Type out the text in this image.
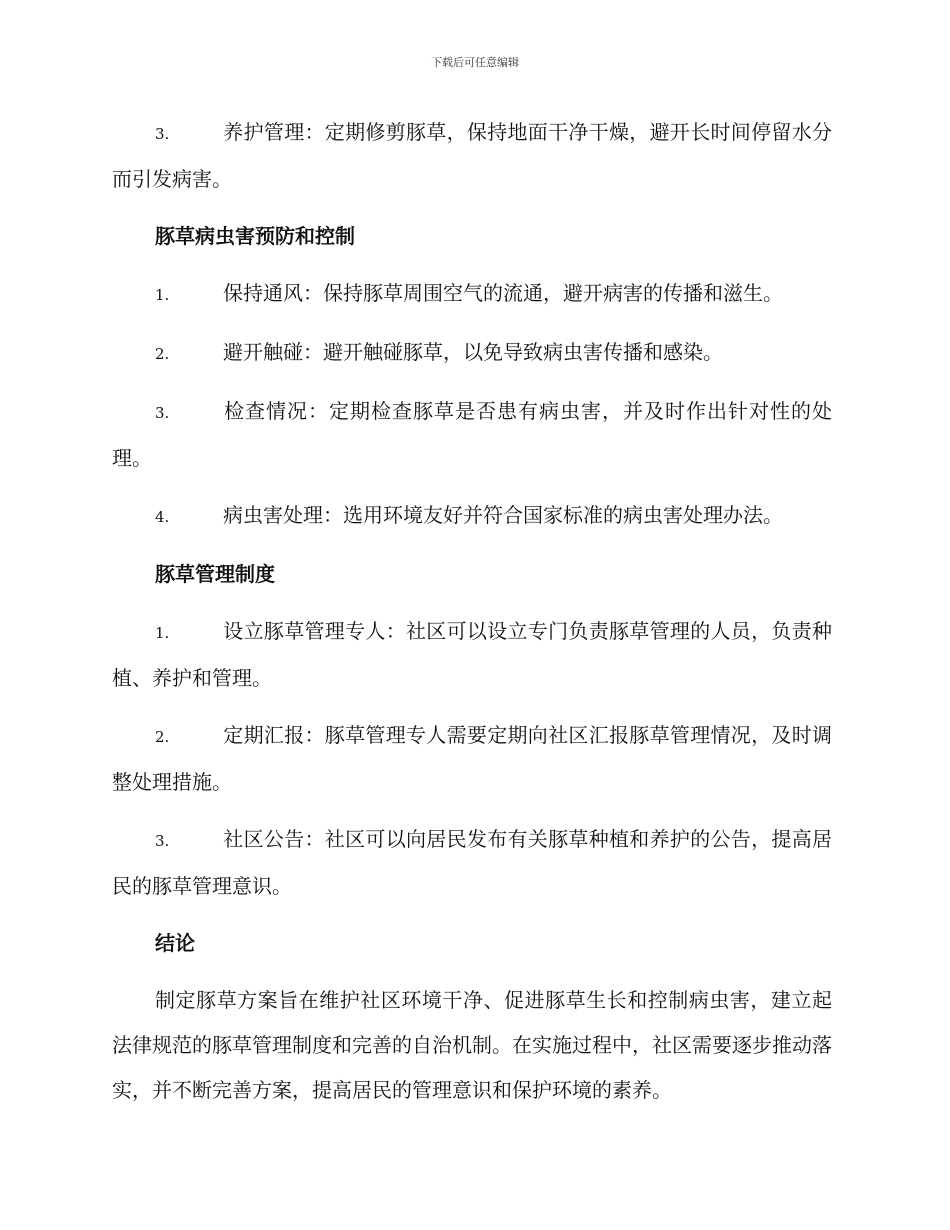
下载后可任意编辑

3.	养护管理：定期修剪豚草，保持地面干净干燥，避开长时间停留水分而引发病害。

豚草病虫害预防和控制

1.	保持通风：保持豚草周围空气的流通，避开病害的传播和滋生。

2.	避开触碰：避开触碰豚草，以免导致病虫害传播和感染。

3.	检查情况：定期检查豚草是否患有病虫害，并及时作出针对性的处理。

4.	病虫害处理：选用环境友好并符合国家标准的病虫害处理办法。

豚草管理制度

1.	设立豚草管理专人：社区可以设立专门负责豚草管理的人员，负责种植、养护和管理。

2.	定期汇报：豚草管理专人需要定期向社区汇报豚草管理情况，及时调整处理措施。

3.	社区公告：社区可以向居民发布有关豚草种植和养护的公告，提高居民的豚草管理意识。

结论

制定豚草方案旨在维护社区环境干净、促进豚草生长和控制病虫害，建立起法律规范的豚草管理制度和完善的自治机制。在实施过程中，社区需要逐步推动落实，并不断完善方案，提高居民的管理意识和保护环境的素养。
